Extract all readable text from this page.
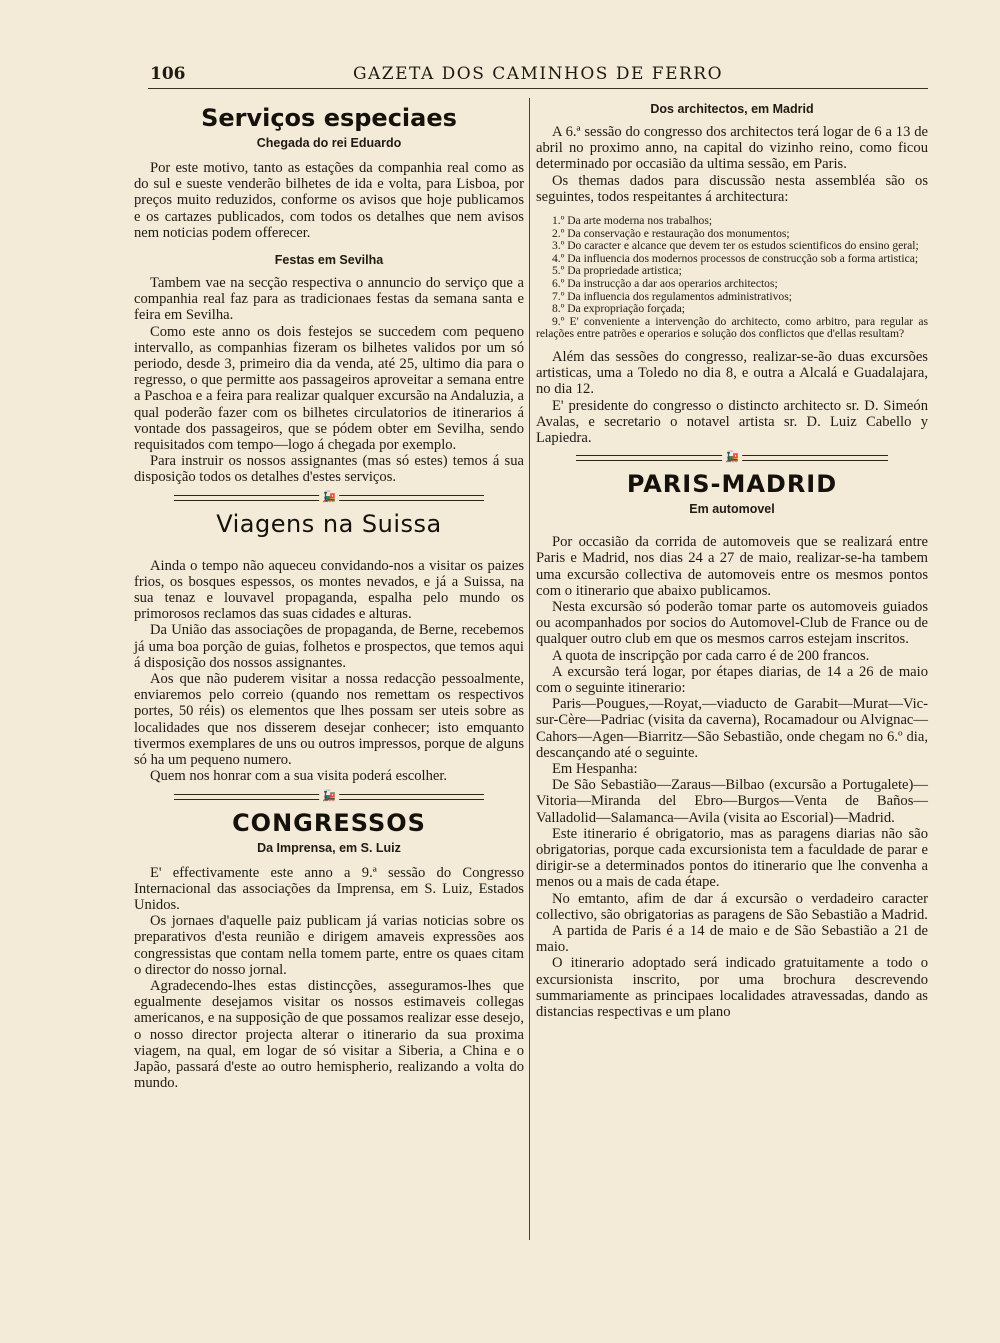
106	GAZETA DOS CAMINHOS DE FERRO
Serviços especiaes
Chegada do rei Eduardo

Por este motivo, tanto as estações da companhia real como as do sul e sueste venderão bilhetes de ida e volta, para Lisboa, por preços muito reduzidos, conforme os avisos que hoje publicamos e os cartazes publicados, com todos os detalhes que nem avisos nem noticias podem offerecer.

Festas em Sevilha

Tambem vae na secção respectiva o annuncio do serviço que a companhia real faz para as tradicionaes festas da semana santa e feira em Sevilha.

Como este anno os dois festejos se succedem com pequeno intervallo, as companhias fizeram os bilhetes validos por um só periodo, desde 3, primeiro dia da venda, até 25, ultimo dia para o regresso, o que permitte aos passageiros aproveitar a semana entre a Paschoa e a feira para realizar qualquer excursão na Andaluzia, a qual poderão fazer com os bilhetes circulatorios de itinerarios á vontade dos passageiros, que se pódem obter em Sevilha, sendo requisitados com tempo—logo á chegada por exemplo.

Para instruir os nossos assignantes (mas só estes) temos á sua disposição todos os detalhes d'estes serviços.

🚂
Viagens na Suissa

Ainda o tempo não aqueceu convidando-nos a visitar os paizes frios, os bosques espessos, os montes nevados, e já a Suissa, na sua tenaz e louvavel propaganda, espalha pelo mundo os primorosos reclamos das suas cidades e alturas.

Da União das associações de propaganda, de Berne, recebemos já uma boa porção de guias, folhetos e prospectos, que temos aqui á disposição dos nossos assignantes.

Aos que não puderem visitar a nossa redacção pessoalmente, enviaremos pelo correio (quando nos remettam os respectivos portes, 50 réis) os elementos que lhes possam ser uteis sobre as localidades que nos disserem desejar conhecer; isto emquanto tivermos exemplares de uns ou outros impressos, porque de alguns só ha um pequeno numero.

Quem nos honrar com a sua visita poderá escolher.

🚂
CONGRESSOS
Da Imprensa, em S. Luiz

E' effectivamente este anno a 9.ª sessão do Congresso Internacional das associações da Imprensa, em S. Luiz, Estados Unidos.

Os jornaes d'aquelle paiz publicam já varias noticias sobre os preparativos d'esta reunião e dirigem amaveis expressões aos congressistas que contam nella tomem parte, entre os quaes citam o director do nosso jornal.

Agradecendo-lhes estas distincções, asseguramos-lhes que egualmente desejamos visitar os nossos estimaveis collegas americanos, e na supposição de que possamos realizar esse desejo, o nosso director projecta alterar o itinerario da sua proxima viagem, na qual, em logar de só visitar a Siberia, a China e o Japão, passará d'este ao outro hemispherio, realizando a volta do mundo.

Dos architectos, em Madrid

A 6.ª sessão do congresso dos architectos terá logar de 6 a 13 de abril no proximo anno, na capital do vizinho reino, como ficou determinado por occasião da ultima sessão, em Paris.

Os themas dados para discussão nesta assembléa são os seguintes, todos respeitantes á architectura:

1.º Da arte moderna nos trabalhos;
2.º Da conservação e restauração dos monumentos;
3.º Do caracter e alcance que devem ter os estudos scientificos do ensino geral;
4.º Da influencia dos modernos processos de construcção sob a forma artistica;
5.º Da propriedade artistica;
6.º Da instrucção a dar aos operarios architectos;
7.º Da influencia dos regulamentos administrativos;
8.º Da expropriação forçada;
9.º E' conveniente a intervenção do architecto, como arbitro, para regular as relações entre patrões e operarios e solução dos conflictos que d'ellas resultam?

Além das sessões do congresso, realizar-se-ão duas excursões artisticas, uma a Toledo no dia 8, e outra a Alcalá e Guadalajara, no dia 12.

E' presidente do congresso o distincto architecto sr. D. Simeón Avalas, e secretario o notavel artista sr. D. Luiz Cabello y Lapiedra.

🚂
PARIS-MADRID
Em automovel

Por occasião da corrida de automoveis que se realizará entre Paris e Madrid, nos dias 24 a 27 de maio, realizar-se-ha tambem uma excursão collectiva de automoveis entre os mesmos pontos com o itinerario que abaixo publicamos.

Nesta excursão só poderão tomar parte os automoveis guiados ou acompanhados por socios do Automovel-Club de France ou de qualquer outro club em que os mesmos carros estejam inscritos.

A quota de inscripção por cada carro é de 200 francos.

A excursão terá logar, por étapes diarias, de 14 a 26 de maio com o seguinte itinerario:

Paris—Pougues,—Royat,—viaducto de Garabit—Murat—Vic-sur-Cère—Padriac (visita da caverna), Rocamadour ou Alvignac—Cahors—Agen—Biarritz—São Sebastião, onde chegam no 6.º dia, descançando até o seguinte.

Em Hespanha:

De São Sebastião—Zaraus—Bilbao (excursão a Portugalete)—Vitoria—Miranda del Ebro—Burgos—Venta de Baños—Valladolid—Salamanca—Avila (visita ao Escorial)—Madrid.

Este itinerario é obrigatorio, mas as paragens diarias não são obrigatorias, porque cada excursionista tem a faculdade de parar e dirigir-se a determinados pontos do itinerario que lhe convenha a menos ou a mais de cada étape.

No emtanto, afim de dar á excursão o verdadeiro caracter collectivo, são obrigatorias as paragens de São Sebastião a Madrid.

A partida de Paris é a 14 de maio e de São Sebastião a 21 de maio.

O itinerario adoptado será indicado gratuitamente a todo o excursionista inscrito, por uma brochura descrevendo summariamente as principaes localidades atravessadas, dando as distancias respectivas e um plano
